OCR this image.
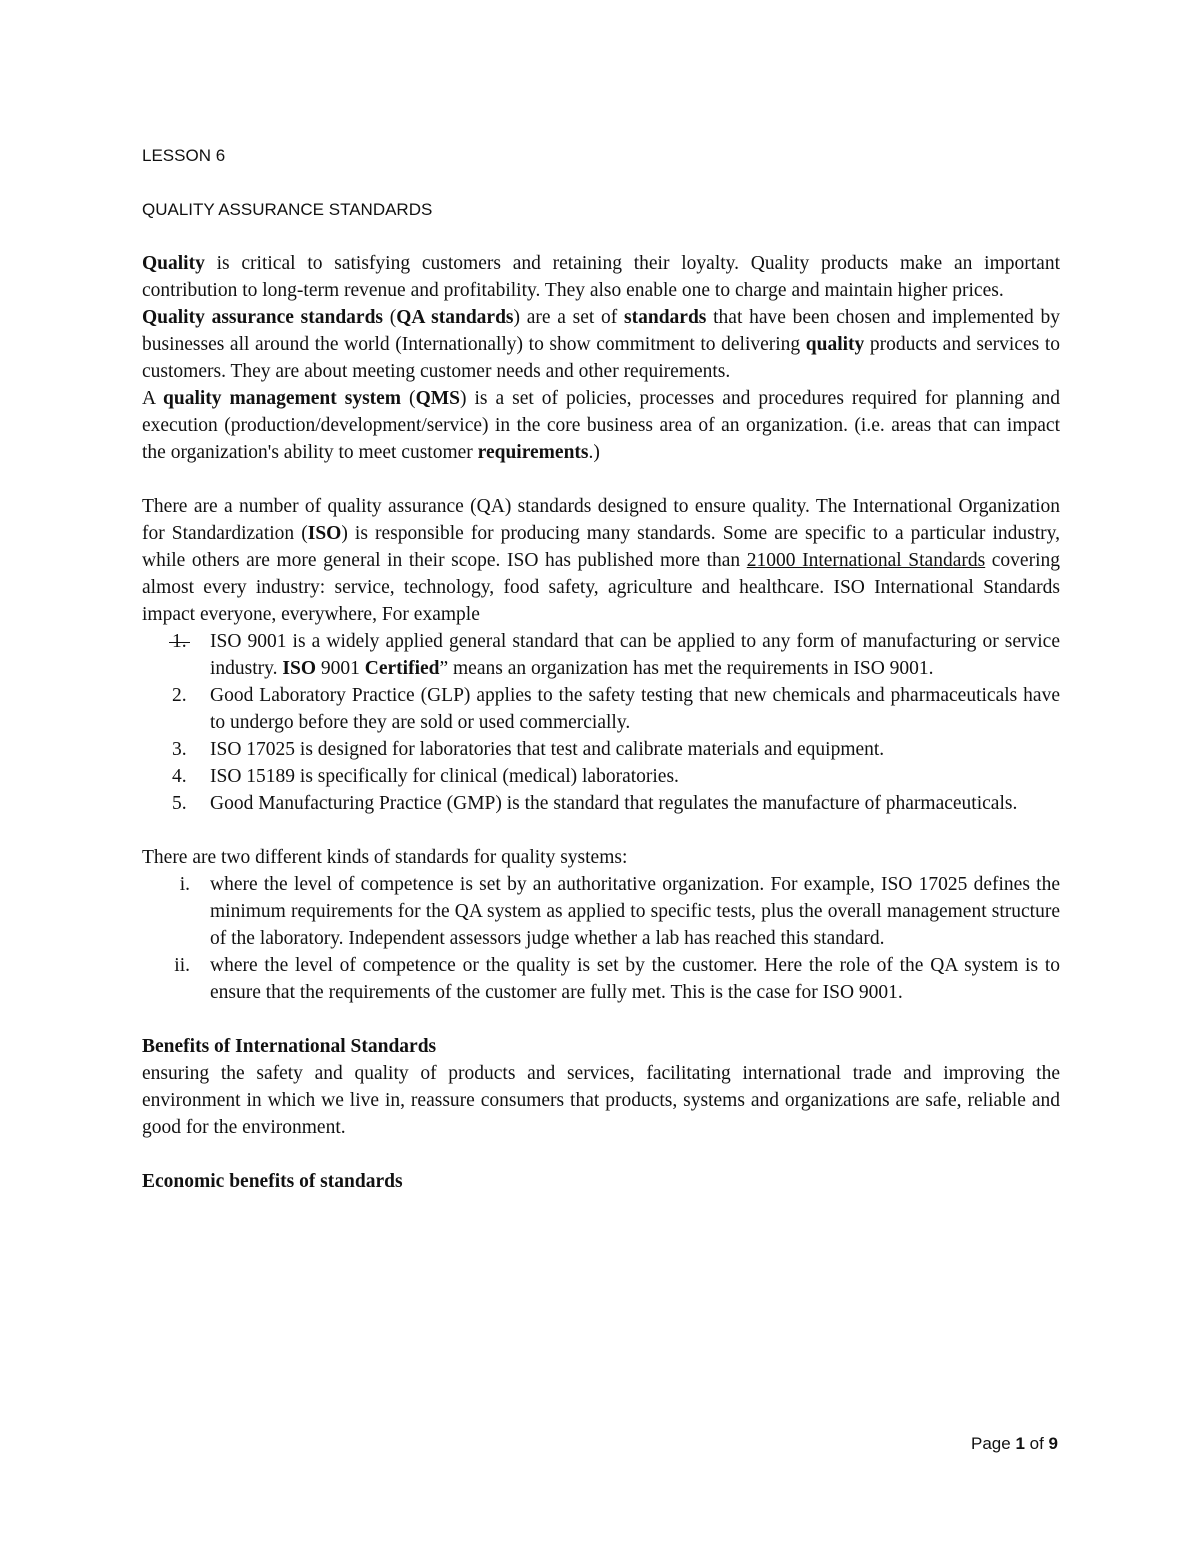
LESSON 6
QUALITY ASSURANCE STANDARDS

Quality is critical to satisfying customers and retaining their loyalty. Quality products make an important contribution to long-term revenue and profitability. They also enable one to charge and maintain higher prices.

Quality assurance standards (QA standards) are a set of standards that have been chosen and implemented by businesses all around the world (Internationally) to show commitment to delivering quality products and services to customers. They are about meeting customer needs and other requirements.

A quality management system (QMS) is a set of policies, processes and procedures required for planning and execution (production/development/service) in the core business area of an organization. (i.e. areas that can impact the organization's ability to meet customer requirements.)

There are a number of quality assurance (QA) standards designed to ensure quality. The International Organization for Standardization (ISO) is responsible for producing many standards. Some are specific to a particular industry, while others are more general in their scope. ISO has published more than 21000 International Standards covering almost every industry: service, technology, food safety, agriculture and healthcare. ISO International Standards impact everyone, everywhere, For example

1.	ISO 9001 is a widely applied general standard that can be applied to any form of manufacturing or service industry. ISO 9001 Certified” means an organization has met the requirements in ISO 9001.
2.	Good Laboratory Practice (GLP) applies to the safety testing that new chemicals and pharmaceuticals have to undergo before they are sold or used commercially.
3.	ISO 17025 is designed for laboratories that test and calibrate materials and equipment.
4.	ISO 15189 is specifically for clinical (medical) laboratories.
5.	Good Manufacturing Practice (GMP) is the standard that regulates the manufacture of pharmaceuticals.

There are two different kinds of standards for quality systems:

i.	where the level of competence is set by an authoritative organization. For example, ISO 17025 defines the minimum requirements for the QA system as applied to specific tests, plus the overall management structure of the laboratory. Independent assessors judge whether a lab has reached this standard.
ii.	where the level of competence or the quality is set by the customer. Here the role of the QA system is to ensure that the requirements of the customer are fully met. This is the case for ISO 9001.
Benefits of International Standards

ensuring the safety and quality of products and services, facilitating international trade and improving the environment in which we live in, reassure consumers that products, systems and organizations are safe, reliable and good for the environment.

Economic benefits of standards
Page 1 of 9
